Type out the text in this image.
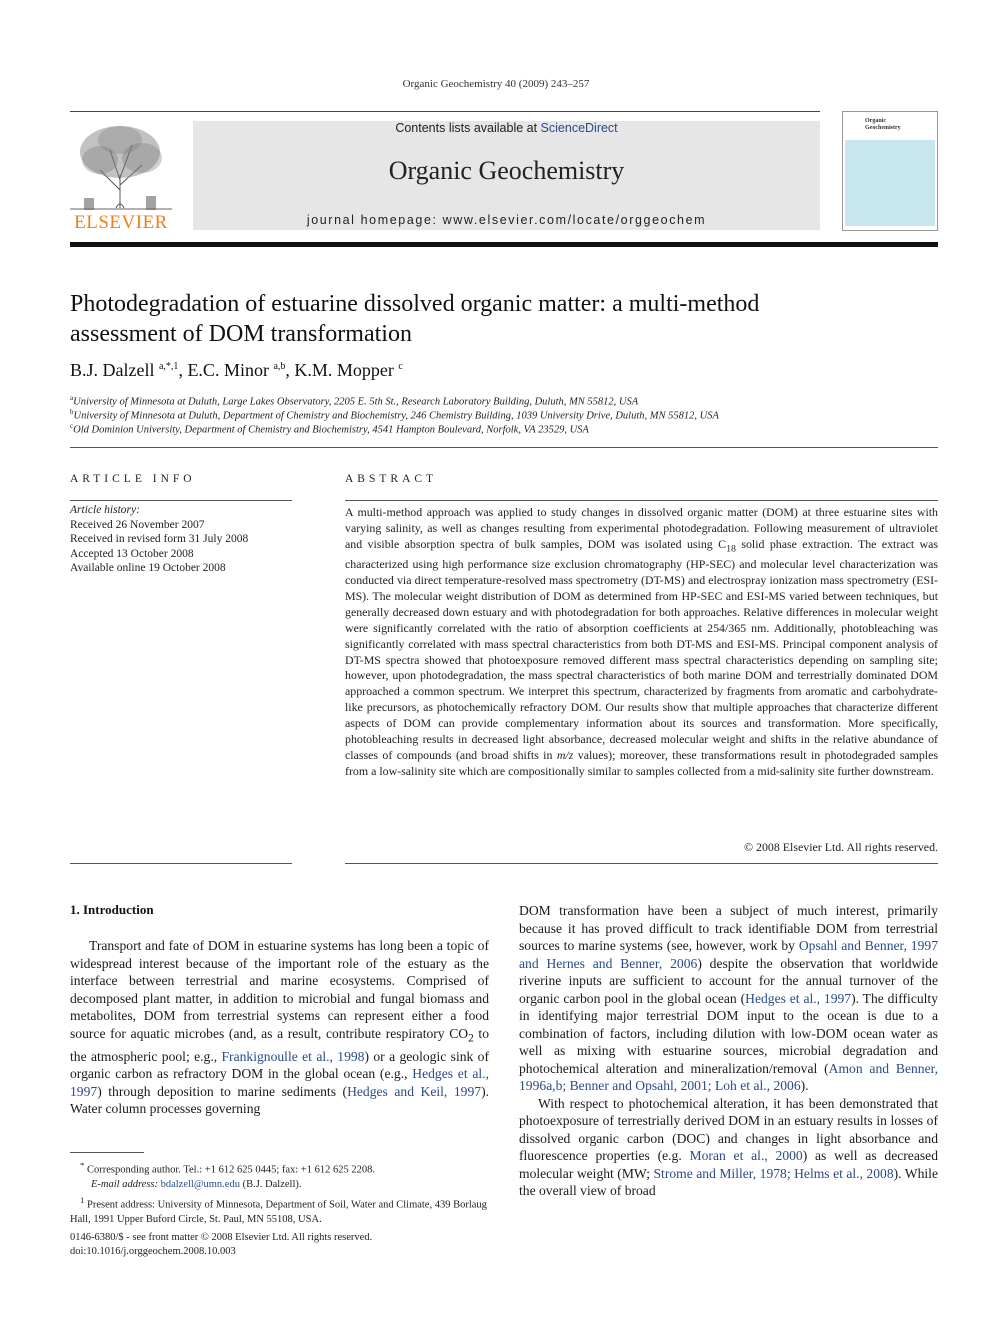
Organic Geochemistry 40 (2009) 243–257
ELSEVIER
Contents lists available at ScienceDirect
Organic Geochemistry
journal homepage: www.elsevier.com/locate/orggeochem
Organic
Geochemistry
Photodegradation of estuarine dissolved organic matter: a multi-method
assessment of DOM transformation
B.J. Dalzell $^{a,*,1}$, E.C. Minor $^{a,b}$, K.M. Mopper $^c$
$^a$University of Minnesota at Duluth, Large Lakes Observatory, 2205 E. 5th St., Research Laboratory Building, Duluth, MN 55812, USA
$^b$University of Minnesota at Duluth, Department of Chemistry and Biochemistry, 246 Chemistry Building, 1039 University Drive, Duluth, MN 55812, USA
$^c$Old Dominion University, Department of Chemistry and Biochemistry, 4541 Hampton Boulevard, Norfolk, VA 23529, USA
ARTICLE INFO
Article history:
Received 26 November 2007
Received in revised form 31 July 2008
Accepted 13 October 2008
Available online 19 October 2008
ABSTRACT
A multi-method approach was applied to study changes in dissolved organic matter (DOM) at three estuarine sites with varying salinity, as well as changes resulting from experimental photodegradation. Following measurement of ultraviolet and visible absorption spectra of bulk samples, DOM was isolated using $C_{18}$ solid phase extraction. The extract was characterized using high performance size exclusion chromatography (HP-SEC) and molecular level characterization was conducted via direct temperature-resolved mass spectrometry (DT-MS) and electrospray ionization mass spectrometry (ESI-MS). The molecular weight distribution of DOM as determined from HP-SEC and ESI-MS varied between techniques, but generally decreased down estuary and with photodegradation for both approaches. Relative differences in molecular weight were significantly correlated with the ratio of absorption coefficients at 254/365 nm. Additionally, photobleaching was significantly correlated with mass spectral characteristics from both DT-MS and ESI-MS. Principal component analysis of DT-MS spectra showed that photoexposure removed different mass spectral characteristics depending on sampling site; however, upon photodegradation, the mass spectral characteristics of both marine DOM and terrestrially dominated DOM approached a common spectrum. We interpret this spectrum, characterized by fragments from aromatic and carbohydrate-like precursors, as photochemically refractory DOM. Our results show that multiple approaches that characterize different aspects of DOM can provide complementary information about its sources and transformation. More specifically, photobleaching results in decreased light absorbance, decreased molecular weight and shifts in the relative abundance of classes of compounds (and broad shifts in m/z values); moreover, these transformations result in photodegraded samples from a low-salinity site which are compositionally similar to samples collected from a mid-salinity site further downstream.
© 2008 Elsevier Ltd. All rights reserved.
1. Introduction

Transport and fate of DOM in estuarine systems has long been a topic of widespread interest because of the important role of the estuary as the interface between terrestrial and marine ecosystems. Comprised of decomposed plant matter, in addition to microbial and fungal biomass and metabolites, DOM from terrestrial systems can represent either a food source for aquatic microbes (and, as a result, contribute respiratory $CO_2$ to the atmospheric pool; e.g., Frankignoulle et al., 1998) or a geologic sink of organic carbon as refractory DOM in the global ocean (e.g., Hedges et al., 1997) through deposition to marine sediments (Hedges and Keil, 1997). Water column processes governing

DOM transformation have been a subject of much interest, primarily because it has proved difficult to track identifiable DOM from terrestrial sources to marine systems (see, however, work by Opsahl and Benner, 1997 and Hernes and Benner, 2006) despite the observation that worldwide riverine inputs are sufficient to account for the annual turnover of the organic carbon pool in the global ocean (Hedges et al., 1997). The difficulty in identifying major terrestrial DOM input to the ocean is due to a combination of factors, including dilution with low-DOM ocean water as well as mixing with estuarine sources, microbial degradation and photochemical alteration and mineralization/removal (Amon and Benner, 1996a,b; Benner and Opsahl, 2001; Loh et al., 2006).

With respect to photochemical alteration, it has been demonstrated that photoexposure of terrestrially derived DOM in an estuary results in losses of dissolved organic carbon (DOC) and changes in light absorbance and fluorescence properties (e.g. Moran et al., 2000) as well as decreased molecular weight (MW; Strome and Miller, 1978; Helms et al., 2008). While the overall view of broad

* Corresponding author. Tel.: +1 612 625 0445; fax: +1 612 625 2208.
E-mail address: bdalzell@umn.edu (B.J. Dalzell).
$^1$ Present address: University of Minnesota, Department of Soil, Water and Climate, 439 Borlaug Hall, 1991 Upper Buford Circle, St. Paul, MN 55108, USA.
0146-6380/$ - see front matter © 2008 Elsevier Ltd. All rights reserved.
doi:10.1016/j.orggeochem.2008.10.003
